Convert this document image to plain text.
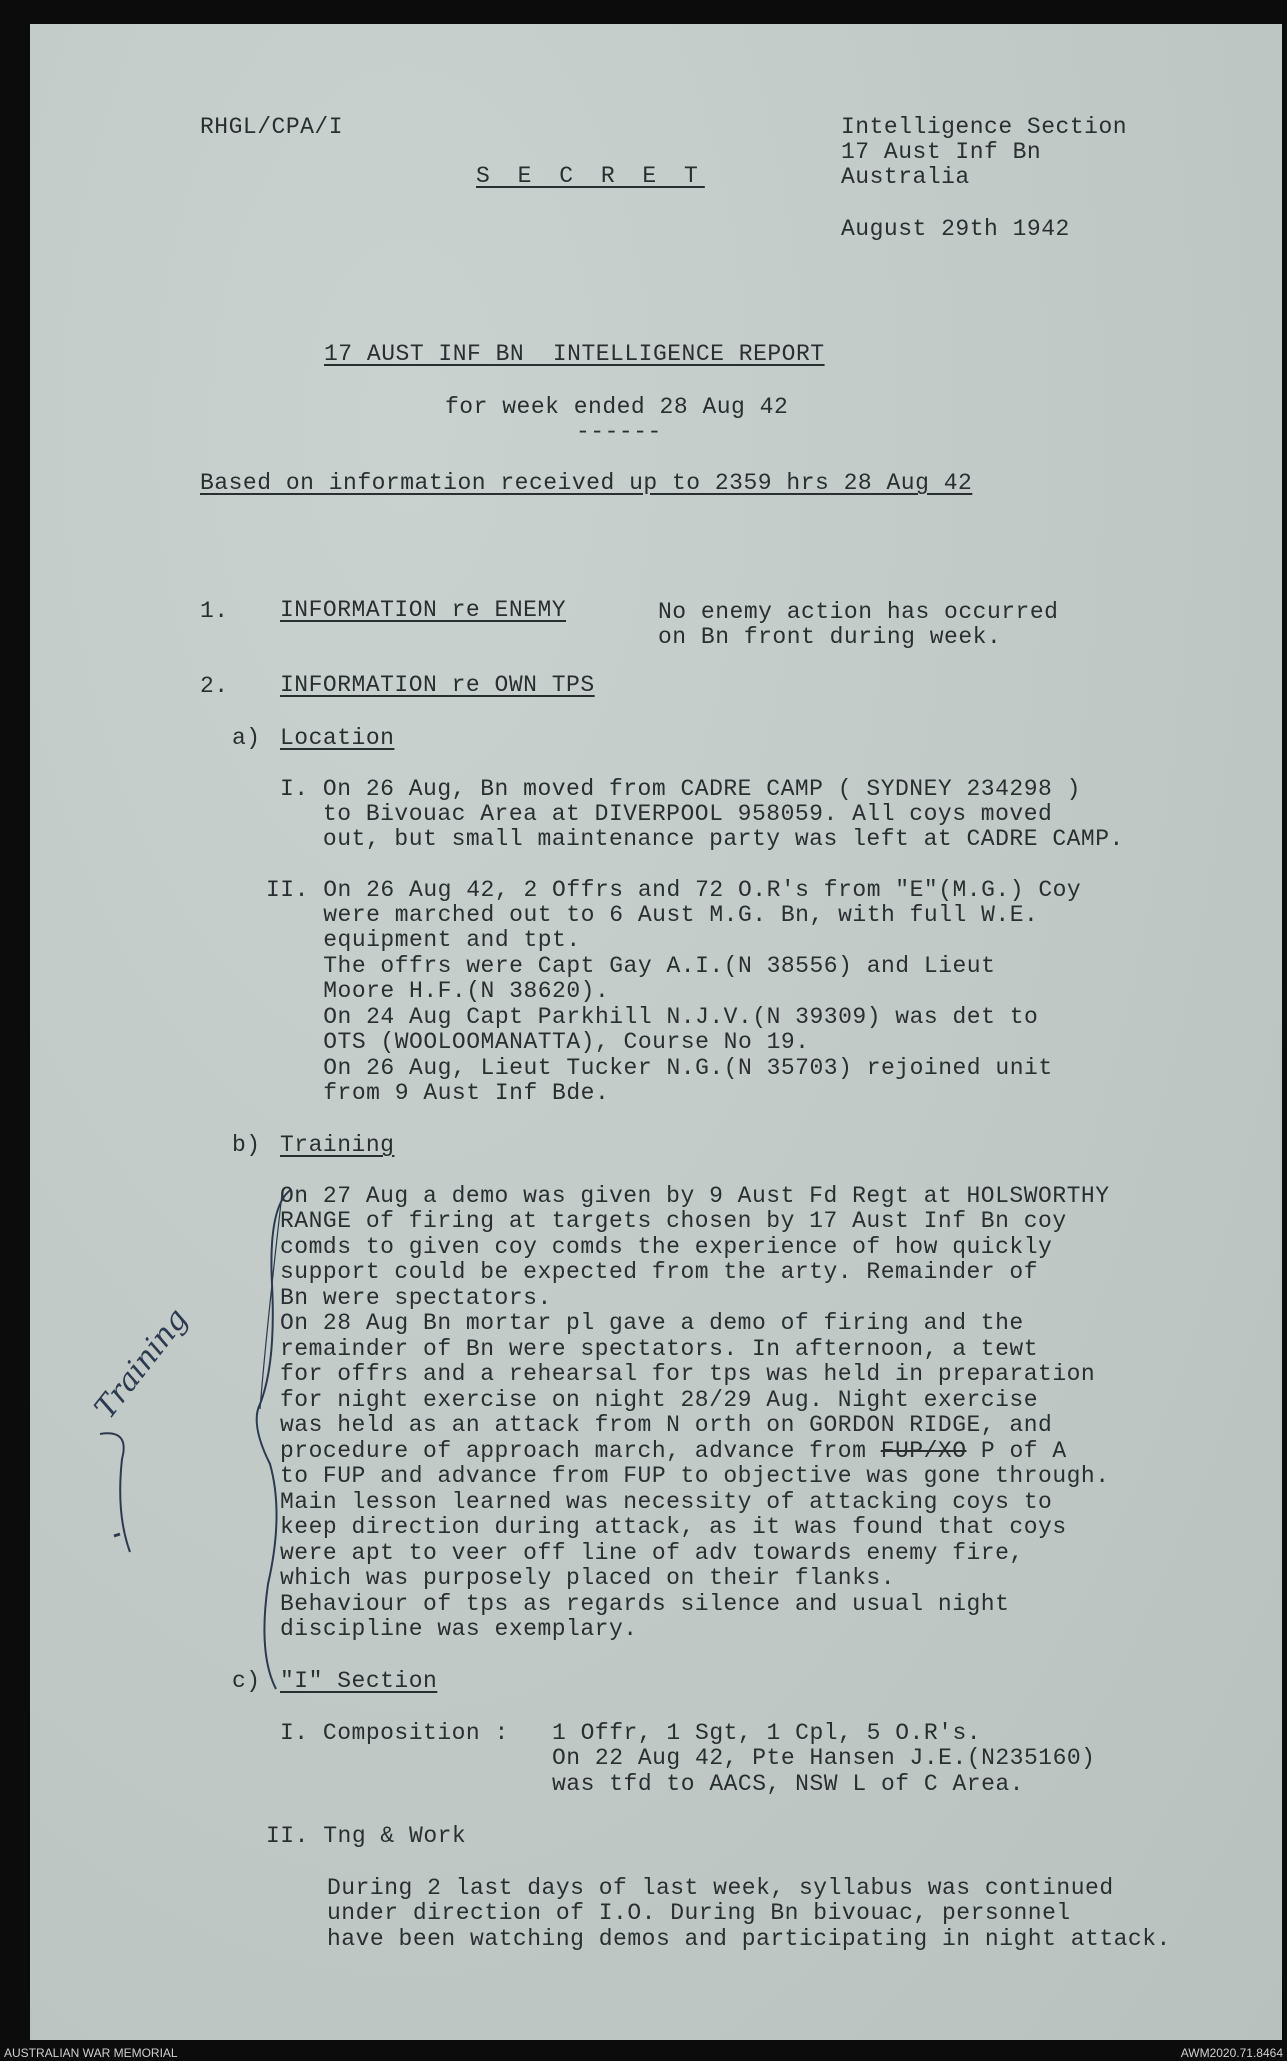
RHGL/CPA/I
S E C R E T
Intelligence Section
17 Aust Inf Bn
Australia
August 29th 1942
17 AUST INF BN  INTELLIGENCE REPORT
for week ended 28 Aug 42
------
Based on information received up to 2359 hrs 28 Aug 42
1. INFORMATION re ENEMY	No enemy action has occurred
on Bn front during week.
2. INFORMATION re OWN TPS
a) Location
I. On 26 Aug, Bn moved from CADRE CAMP ( SYDNEY 234298 )
to Bivouac Area at DIVERPOOL 958059. All coys moved
out, but small maintenance party was left at CADRE CAMP.
II. On 26 Aug 42, 2 Offrs and 72 O.R's from "E"(M.G.) Coy
were marched out to 6 Aust M.G. Bn, with full W.E.
equipment and tpt.
The offrs were Capt Gay A.I.(N 38556) and Lieut
Moore H.F.(N 38620).
On 24 Aug Capt Parkhill N.J.V.(N 39309) was det to
OTS (WOOLOOMANATTA), Course No 19.
On 26 Aug, Lieut Tucker N.G.(N 35703) rejoined unit
from 9 Aust Inf Bde.
b) Training
On 27 Aug a demo was given by 9 Aust Fd Regt at HOLSWORTHY
RANGE of firing at targets chosen by 17 Aust Inf Bn coy
comds to given coy comds the experience of how quickly
support could be expected from the arty. Remainder of
Bn were spectators.
On 28 Aug Bn mortar pl gave a demo of firing and the
remainder of Bn were spectators. In afternoon, a tewt
for offrs and a rehearsal for tps was held in preparation
for night exercise on night 28/29 Aug. Night exercise
was held as an attack from N orth on GORDON RIDGE, and
procedure of approach march, advance from FUP/XO P of A
to FUP and advance from FUP to objective was gone through.
Main lesson learned was necessity of attacking coys to
keep direction during attack, as it was found that coys
were apt to veer off line of adv towards enemy fire,
which was purposely placed on their flanks.
Behaviour of tps as regards silence and usual night
discipline was exemplary.
Training
c) "I" Section
I. Composition : 1 Offr, 1 Sgt, 1 Cpl, 5 O.R's.
On 22 Aug 42, Pte Hansen J.E.(N235160)
was tfd to AACS, NSW L of C Area.
II. Tng & Work
During 2 last days of last week, syllabus was continued
under direction of I.O. During Bn bivouac, personnel
have been watching demos and participating in night attack.
AUSTRALIAN WAR MEMORIAL	AWM2020.71.8464
